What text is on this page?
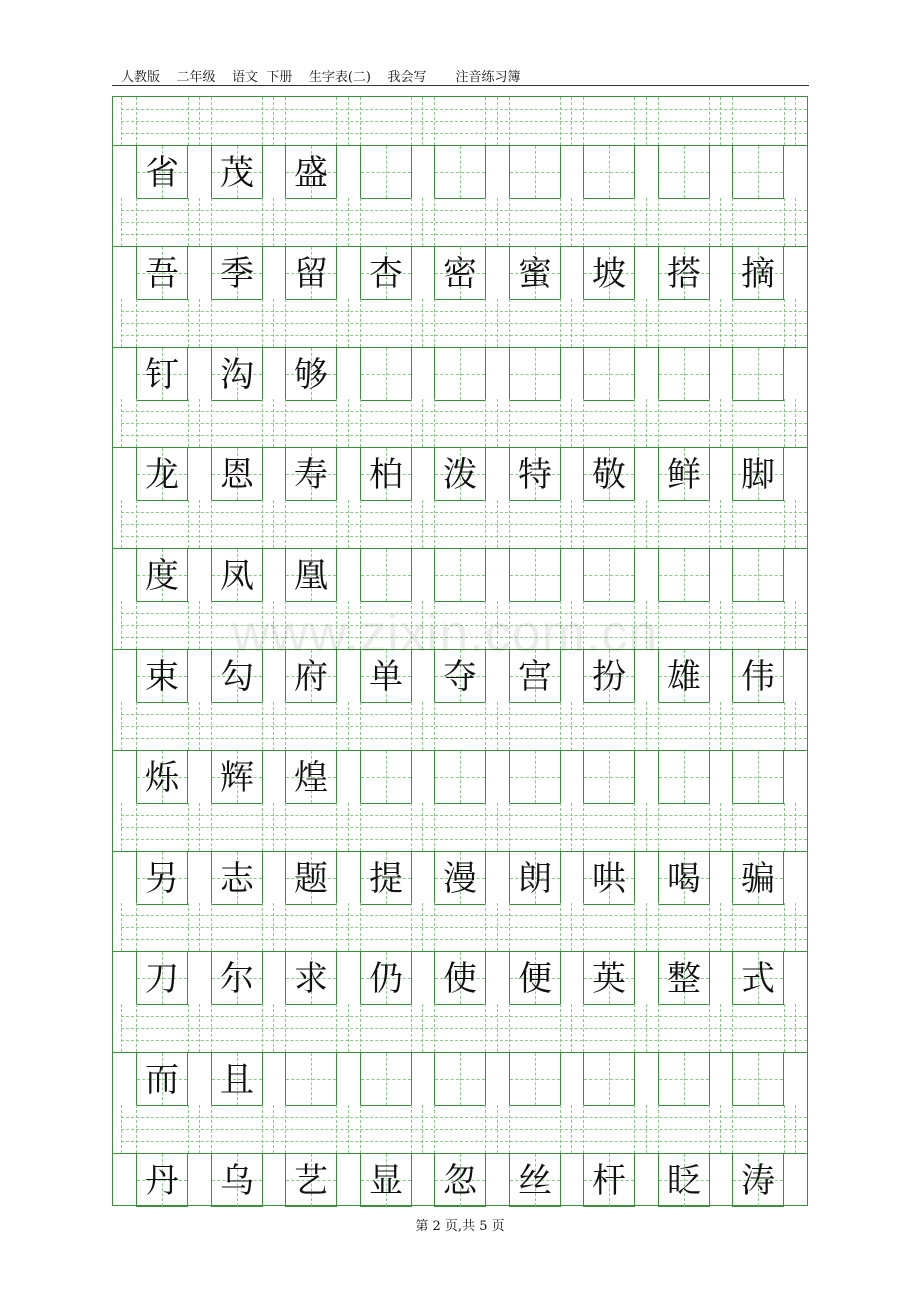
人教版    二年级    语文  下册    生字表(二)    我会写       注音练习簿
省 茂 盛
吾 季 留 杏 密 蜜 坡 搭 摘
钉 沟 够
龙 恩 寿 柏 泼 特 敬 鲜 脚
度 凤 凰
束 勾 府 单 夺 宫 扮 雄 伟
烁 辉 煌
另 志 题 提 漫 朗 哄 喝 骗
刀 尔 求 仍 使 便 英 整 式
而 且
丹 乌 艺 显 忽 丝 杆 眨 涛
www.zixin.com.cn
第 2 页,共 5 页
